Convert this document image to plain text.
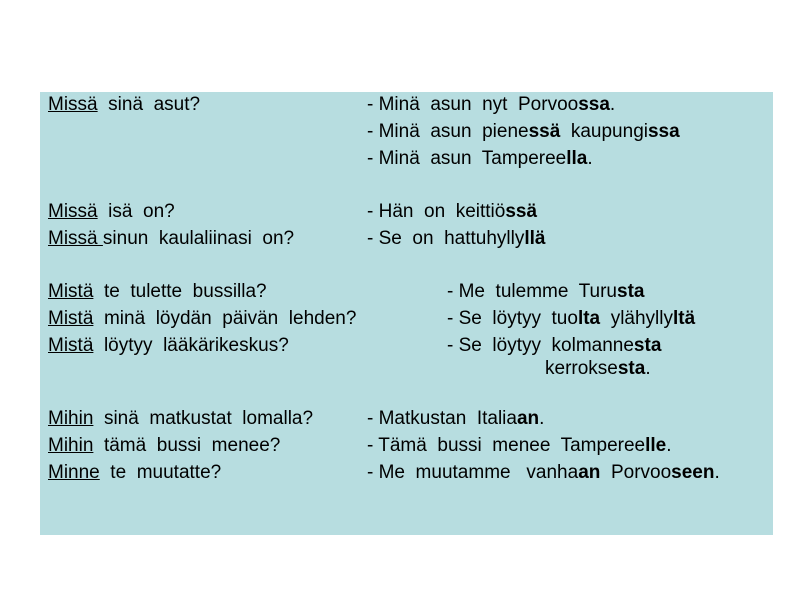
Missä  sinä  asut?	- Minä  asun  nyt  Porvoossa.
- Minä  asun  pienessä  kaupungissa
- Minä  asun  Tampereella.
Missä  isä  on?	- Hän  on  keittiössä
Missä sinun  kaulaliinasi  on?	- Se  on  hattuhyllyllä
Mistä  te  tulette  bussilla?	- Me  tulemme  Turusta
Mistä  minä  löydän  päivän  lehden?	- Se  löytyy  tuolta  ylähyllyltä
Mistä  löytyy  lääkärikeskus?	- Se  löytyy  kolmannesta
kerroksesta.
Mihin  sinä  matkustat  lomalla?	- Matkustan  Italiaan.
Mihin  tämä  bussi  menee?	- Tämä  bussi  menee  Tampereelle.
Minne  te  muutatte?	- Me  muutamme   vanhaan  Porvooseen.
